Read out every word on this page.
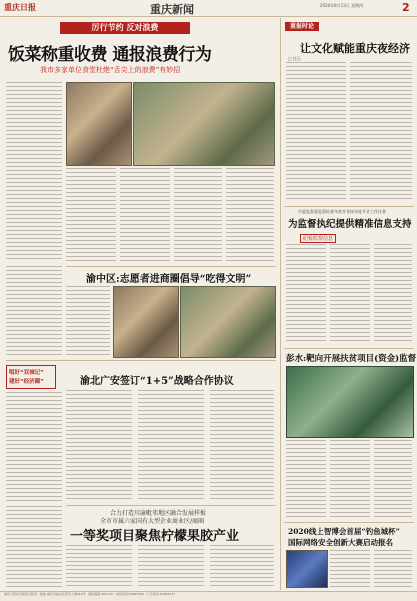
重庆日报	重庆新闻	2020年8月13日 星期四	2
厉行节约 反对浪费
饭菜称重收费 通报浪费行为
我市多家单位食堂杜绝“舌尖上的浪费”有妙招
渝中区:志愿者进商圈倡导“吃得文明”
唱好“双城记”
建好“经济圈”	渝北广安签订“1+5”战略合作协议
合力打造川渝毗邻地区融合发展样板
全市市属六家国有大型企业商业区/商圈
一等奖项目聚焦柠檬果胶产业
重报时论
让文化赋能重庆夜经济
□ 任正
市委监督委监督检查年底并非按年度开业工作任务
为监督执纪提供精准信息支持
纪检监察信息
彭水:靶向开展扶贫项目(资金)监督
2020线上智博会首届“钓鱼城杯”
国际网络安全创新大赛启动报名
重庆日报社出版发行报刊 · 地址:重庆市渝北区同茂大道416号 · 邮政编码:401120 · 本报热线:63907000 · 广告热线:63905757
